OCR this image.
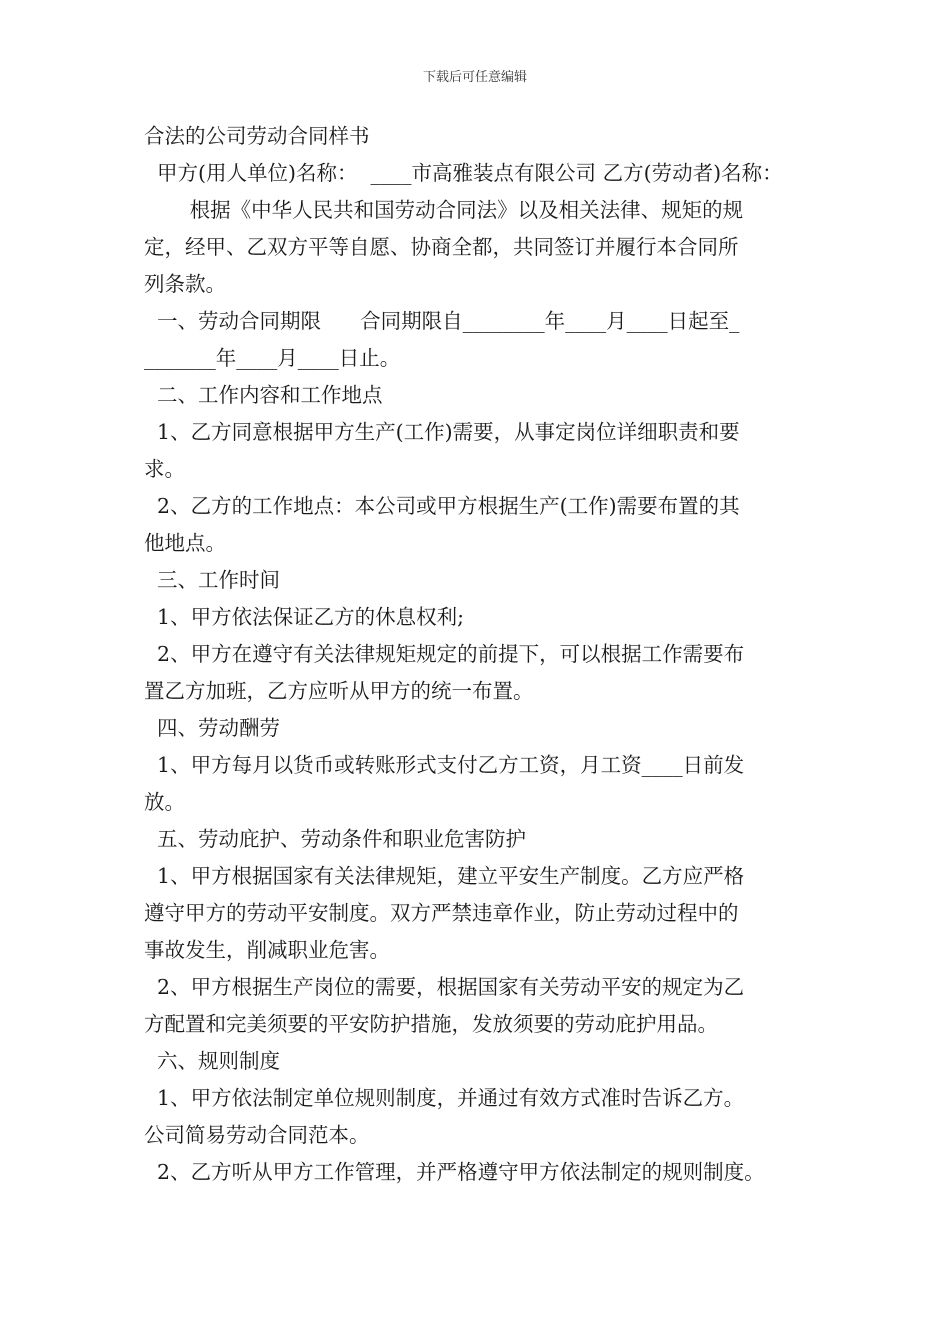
下载后可任意编辑
合法的公司劳动合同样书
甲方(用人单位)名称：  ____市高雅装点有限公司 乙方(劳动者)名称：
根据《中华人民共和国劳动合同法》以及相关法律、规矩的规
定，经甲、乙双方平等自愿、协商全都，共同签订并履行本合同所
列条款。
一、劳动合同期限      合同期限自________年____月____日起至_
_______年____月____日止。
二、工作内容和工作地点
1、乙方同意根据甲方生产(工作)需要，从事定岗位详细职责和要
求。
2、乙方的工作地点：本公司或甲方根据生产(工作)需要布置的其
他地点。
三、工作时间
1、甲方依法保证乙方的休息权利;
2、甲方在遵守有关法律规矩规定的前提下，可以根据工作需要布
置乙方加班，乙方应听从甲方的统一布置。
四、劳动酬劳
1、甲方每月以货币或转账形式支付乙方工资，月工资____日前发
放。
五、劳动庇护、劳动条件和职业危害防护
1、甲方根据国家有关法律规矩，建立平安生产制度。乙方应严格
遵守甲方的劳动平安制度。双方严禁违章作业，防止劳动过程中的
事故发生，削减职业危害。
2、甲方根据生产岗位的需要，根据国家有关劳动平安的规定为乙
方配置和完美须要的平安防护措施，发放须要的劳动庇护用品。
六、规则制度
1、甲方依法制定单位规则制度，并通过有效方式准时告诉乙方。
公司简易劳动合同范本。
2、乙方听从甲方工作管理，并严格遵守甲方依法制定的规则制度。
